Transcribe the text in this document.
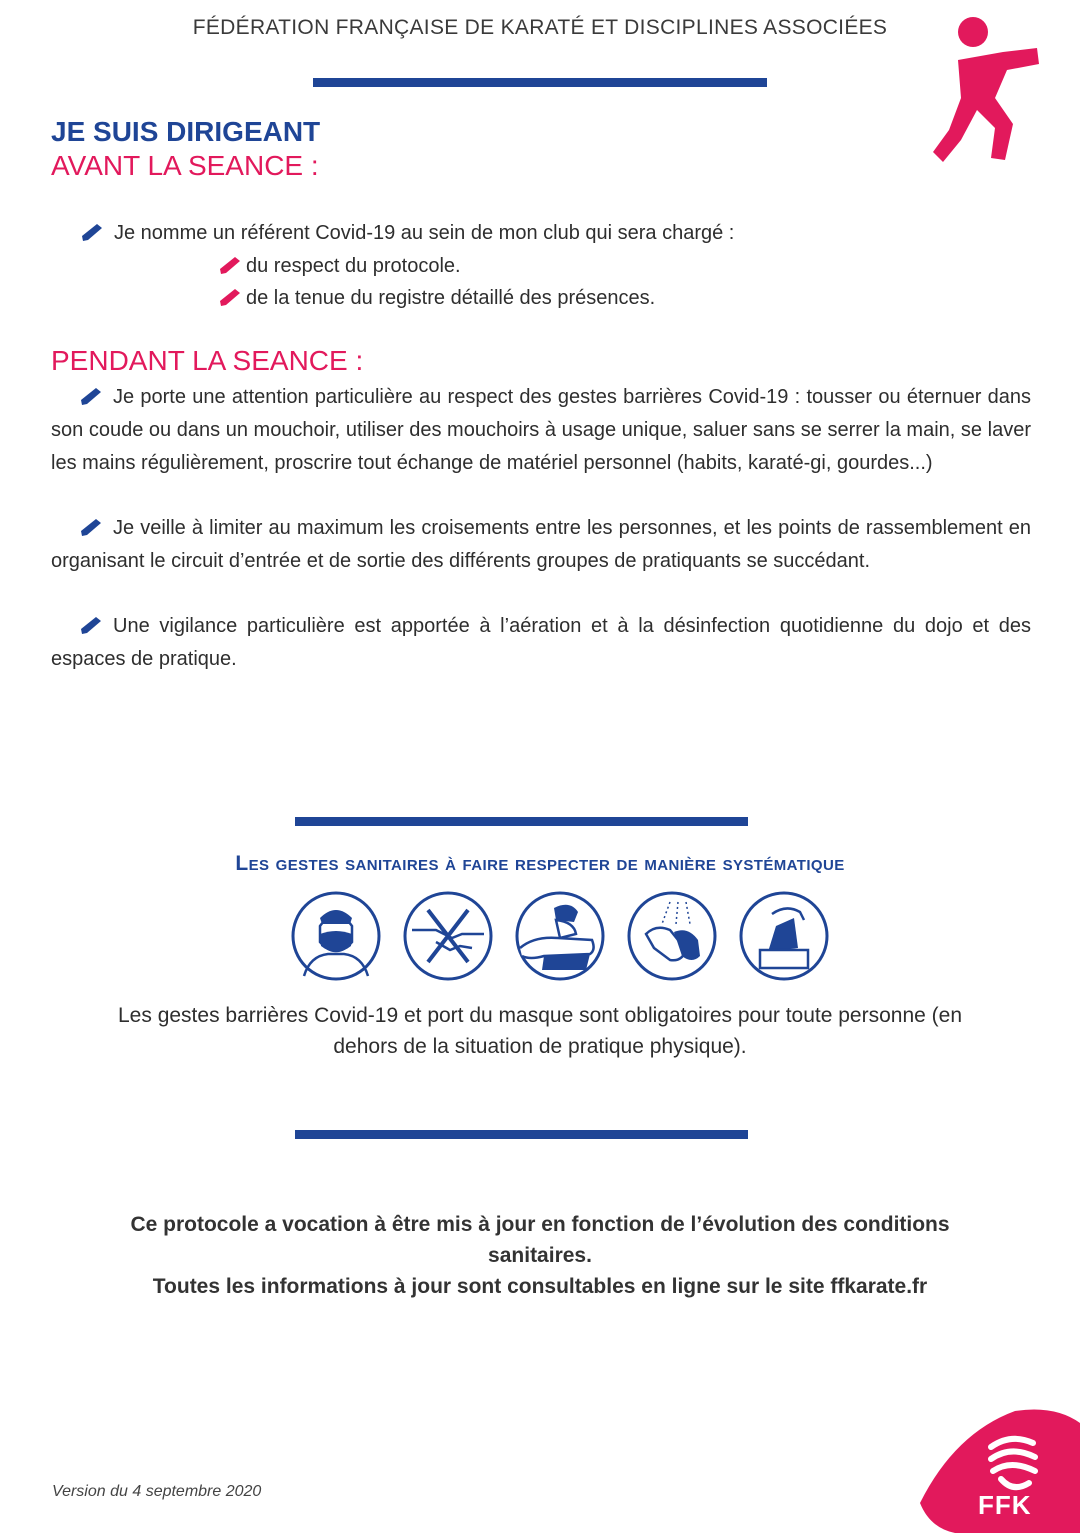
FÉDÉRATION FRANÇAISE DE KARATÉ ET DISCIPLINES ASSOCIÉES
JE SUIS DIRIGEANT
AVANT LA SEANCE :
Je nomme un référent Covid-19 au sein de mon club qui sera chargé :
du respect du protocole.
de la tenue du registre détaillé des présences.
PENDANT LA SEANCE :
Je porte une attention particulière au respect des gestes barrières Covid-19 : tousser ou éternuer dans son coude ou dans un mouchoir, utiliser des mouchoirs à usage unique, saluer sans se serrer la main, se laver les mains régulièrement, proscrire tout échange de matériel personnel (habits, karaté-gi, gourdes...)
Je veille à limiter au maximum les croisements entre les personnes, et les points de rassemblement en organisant le circuit d’entrée et de sortie des différents groupes de pratiquants se succédant.
Une vigilance particulière est apportée à l’aération et à la désinfection quotidienne du dojo et des espaces de pratique.
Les gestes sanitaires à faire respecter de manière systématique
Les gestes barrières Covid-19 et port du masque sont obligatoires pour toute personne (en dehors de la situation de pratique physique).
Ce protocole a vocation à être mis à jour en fonction de l’évolution des conditions sanitaires.
Toutes les informations à jour sont consultables en ligne sur le site ffkarate.fr
Version du 4 septembre 2020	FFK
